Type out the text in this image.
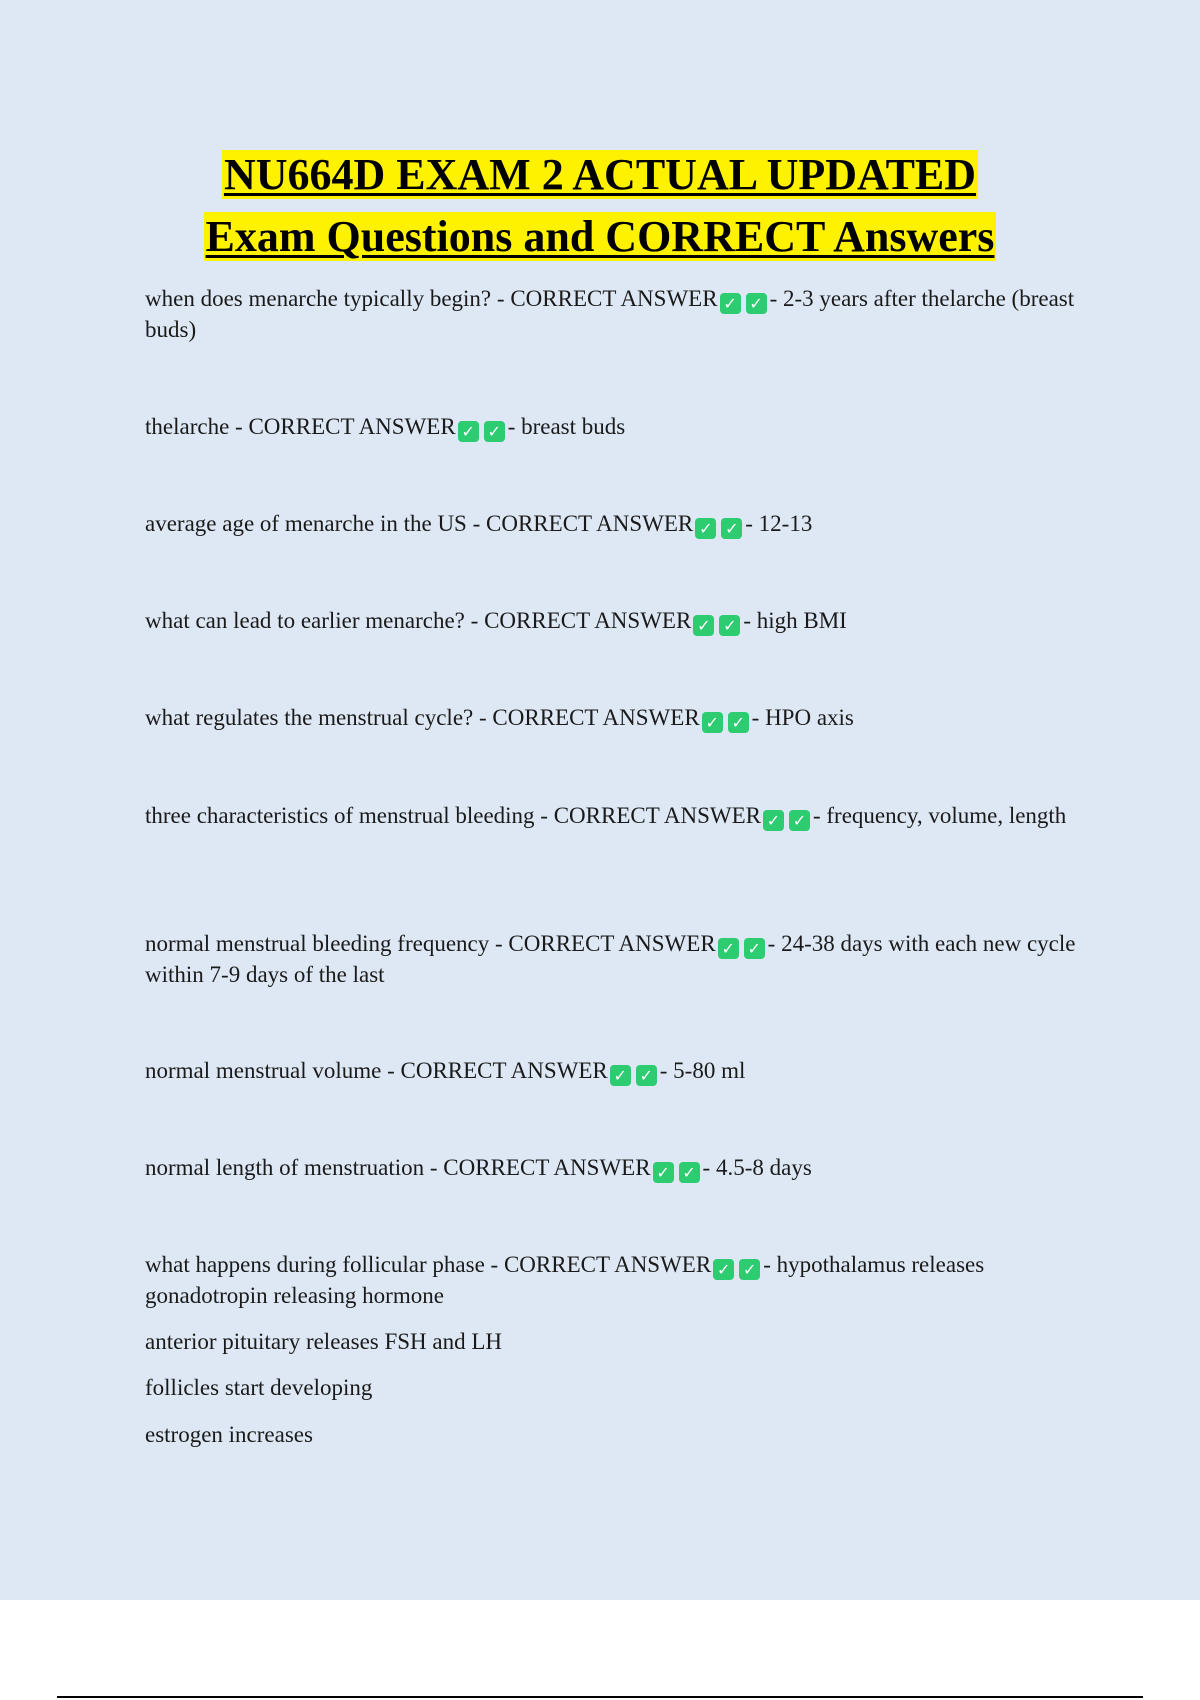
NU664D EXAM 2 ACTUAL UPDATED
Exam Questions and CORRECT Answers

when does menarche typically begin? - CORRECT ANSWER ✓ ✓ - 2-3 years after thelarche (breast buds)

thelarche - CORRECT ANSWER ✓ ✓ - breast buds

average age of menarche in the US - CORRECT ANSWER ✓ ✓ - 12-13

what can lead to earlier menarche? - CORRECT ANSWER ✓ ✓ - high BMI

what regulates the menstrual cycle? - CORRECT ANSWER ✓ ✓ - HPO axis

three characteristics of menstrual bleeding - CORRECT ANSWER ✓ ✓ - frequency, volume, length

normal menstrual bleeding frequency - CORRECT ANSWER ✓ ✓ - 24-38 days with each new cycle within 7-9 days of the last

normal menstrual volume - CORRECT ANSWER ✓ ✓ - 5-80 ml

normal length of menstruation - CORRECT ANSWER ✓ ✓ - 4.5-8 days

what happens during follicular phase - CORRECT ANSWER ✓ ✓ - hypothalamus releases gonadotropin releasing hormone

anterior pituitary releases FSH and LH

follicles start developing

estrogen increases
